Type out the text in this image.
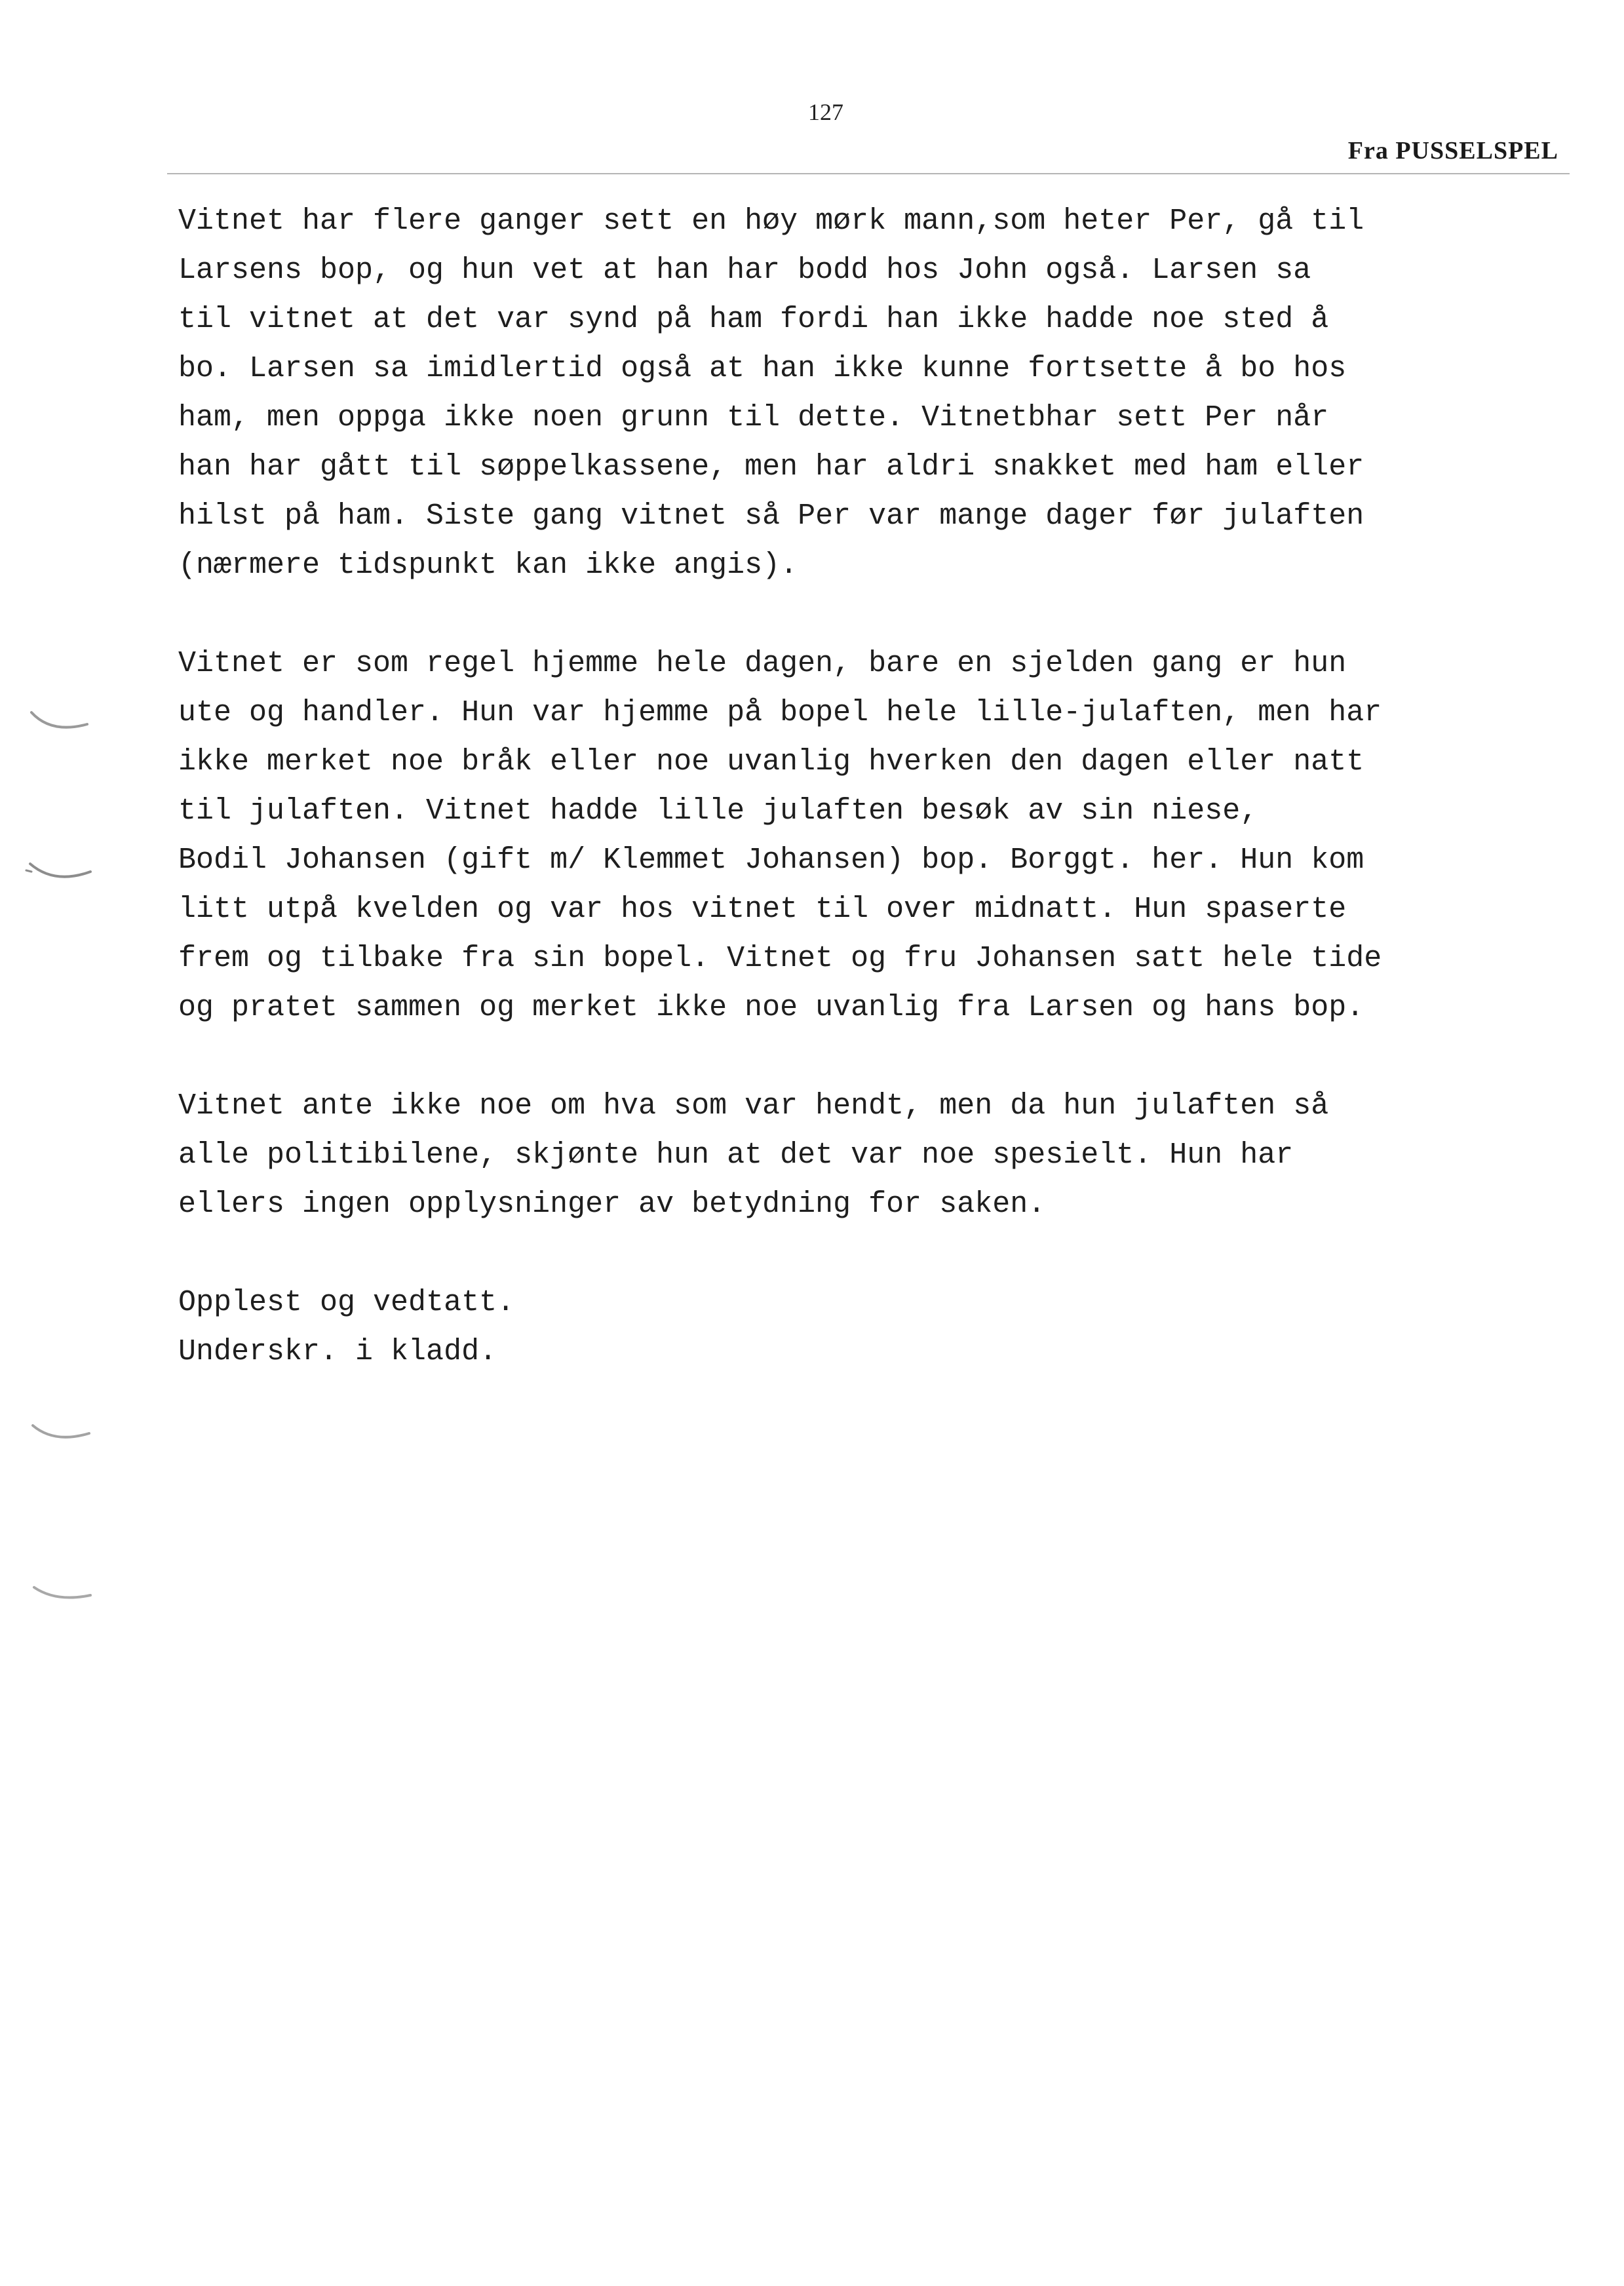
127
Fra PUSSELSPEL
Vitnet har flere ganger sett en høy mørk mann,som heter Per, gå til
Larsens bop, og hun vet at han har bodd hos John også. Larsen sa
til vitnet at det var synd på ham fordi han ikke hadde noe sted å
bo. Larsen sa imidlertid også at han ikke kunne fortsette å bo hos
ham, men oppga ikke noen grunn til dette. Vitnetbhar sett Per når
han har gått til søppelkassene, men har aldri snakket med ham eller
hilst på ham. Siste gang vitnet så Per var mange dager før julaften
(nærmere tidspunkt kan ikke angis).
Vitnet er som regel hjemme hele dagen, bare en sjelden gang er hun
ute og handler. Hun var hjemme på bopel hele lille-julaften, men har
ikke merket noe bråk eller noe uvanlig hverken den dagen eller natt
til julaften. Vitnet hadde lille julaften besøk av sin niese,
Bodil Johansen (gift m/ Klemmet Johansen) bop. Borggt. her. Hun kom
litt utpå kvelden og var hos vitnet til over midnatt. Hun spaserte
frem og tilbake fra sin bopel. Vitnet og fru Johansen satt hele tide
og pratet sammen og merket ikke noe uvanlig fra Larsen og hans bop.
Vitnet ante ikke noe om hva som var hendt, men da hun julaften så
alle politibilene, skjønte hun at det var noe spesielt. Hun har
ellers ingen opplysninger av betydning for saken.
Opplest og vedtatt.
Underskr. i kladd.
